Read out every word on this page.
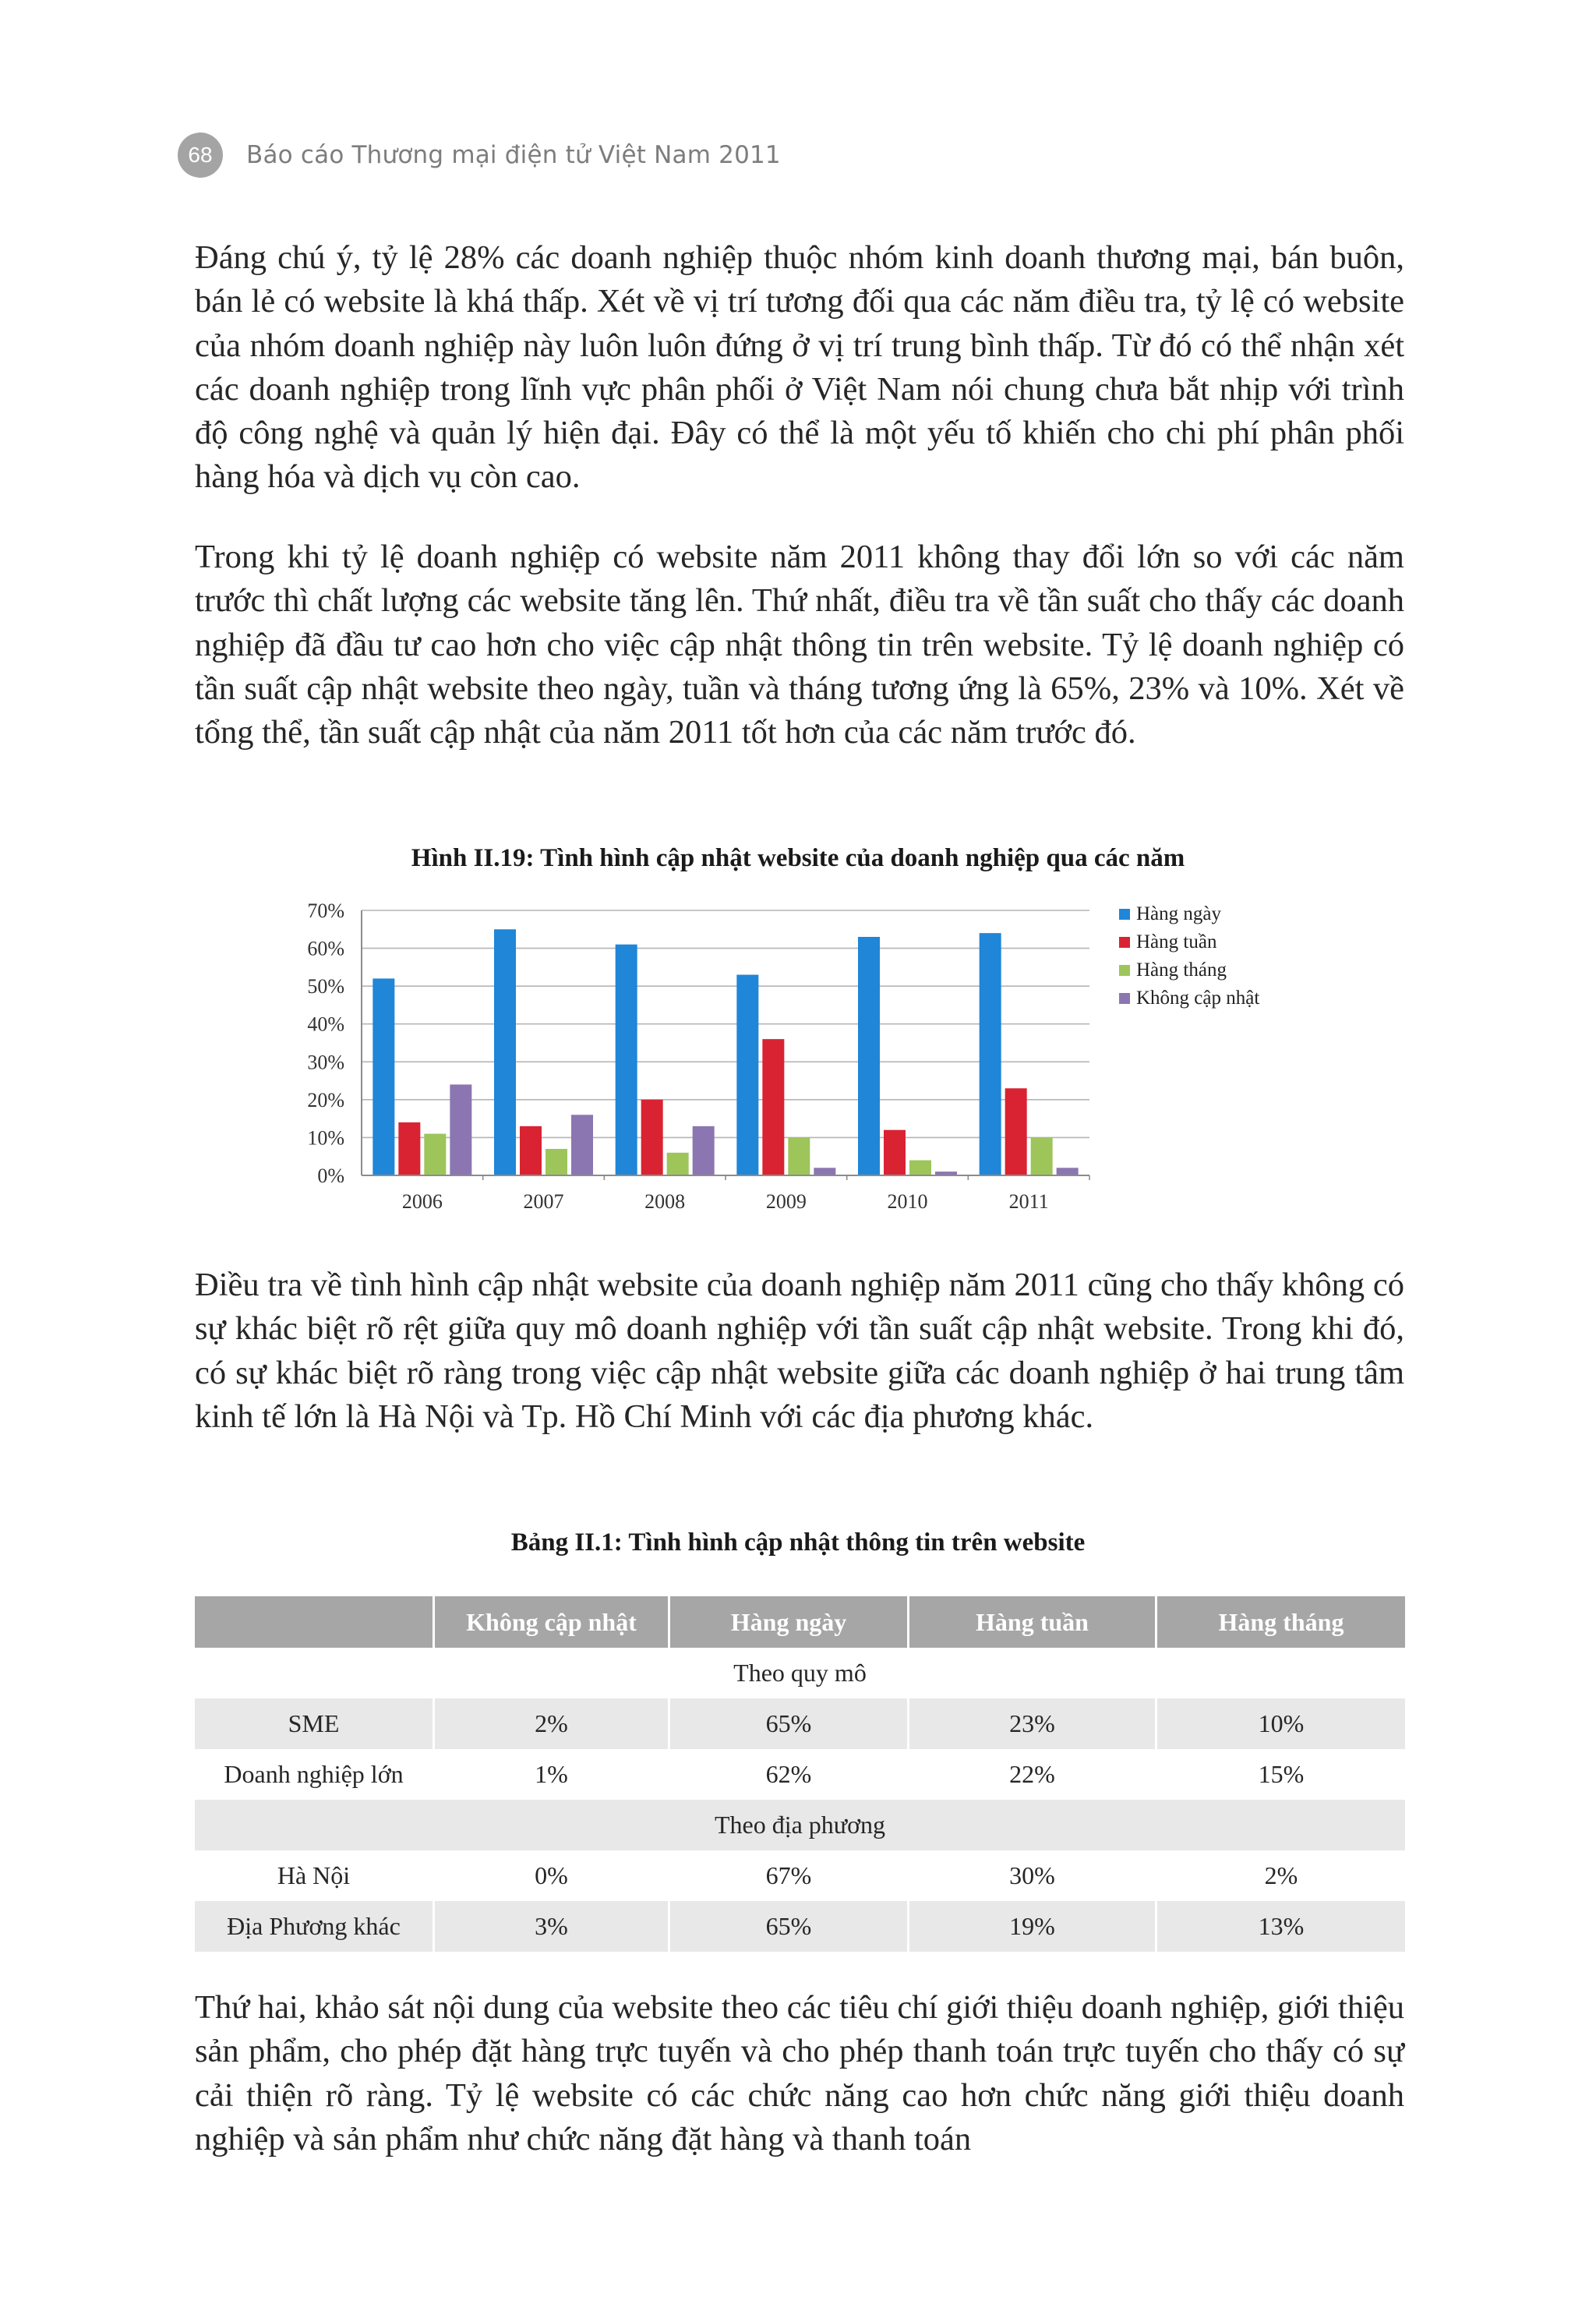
68	Báo cáo Thương mại điện tử Việt Nam 2011

Đáng chú ý, tỷ lệ 28% các doanh nghiệp thuộc nhóm kinh doanh thương mại, bán buôn, bán lẻ có website là khá thấp. Xét về vị trí tương đối qua các năm điều tra, tỷ lệ có website của nhóm doanh nghiệp này luôn luôn đứng ở vị trí trung bình thấp. Từ đó có thể nhận xét các doanh nghiệp trong lĩnh vực phân phối ở Việt Nam nói chung chưa bắt nhịp với trình độ công nghệ và quản lý hiện đại. Đây có thể là một yếu tố khiến cho chi phí phân phối hàng hóa và dịch vụ còn cao.

Trong khi tỷ lệ doanh nghiệp có website năm 2011 không thay đổi lớn so với các năm trước thì chất lượng các website tăng lên. Thứ nhất, điều tra về tần suất cho thấy các doanh nghiệp đã đầu tư cao hơn cho việc cập nhật thông tin trên website. Tỷ lệ doanh nghiệp có tần suất cập nhật website theo ngày, tuần và tháng tương ứng là 65%, 23% và 10%. Xét về tổng thể, tần suất cập nhật của năm 2011 tốt hơn của các năm trước đó.

Hình II.19: Tình hình cập nhật website của doanh nghiệp qua các năm
0%
10%
20%
30%
40%
50%
60%
70%
2006	2007	2008	2009	2010	2011
Hàng ngày
Hàng tuần
Hàng tháng
Không cập nhật

Điều tra về tình hình cập nhật website của doanh nghiệp năm 2011 cũng cho thấy không có sự khác biệt rõ rệt giữa quy mô doanh nghiệp với tần suất cập nhật website. Trong khi đó, có sự khác biệt rõ ràng trong việc cập nhật website giữa các doanh nghiệp ở hai trung tâm kinh tế lớn là Hà Nội và Tp. Hồ Chí Minh với các địa phương khác.

Bảng II.1: Tình hình cập nhật thông tin trên website
	Không cập nhật	Hàng ngày	Hàng tuần	Hàng tháng
Theo quy mô				
SME	2%	65%	23%	10%
Doanh nghiệp lớn	1%	62%	22%	15%
Theo địa phương				
Hà Nội	0%	67%	30%	2%
Địa Phương khác	3%	65%	19%	13%

Thứ hai, khảo sát nội dung của website theo các tiêu chí giới thiệu doanh nghiệp, giới thiệu sản phẩm, cho phép đặt hàng trực tuyến và cho phép thanh toán trực tuyến cho thấy có sự cải thiện rõ ràng. Tỷ lệ website có các chức năng cao hơn chức năng giới thiệu doanh nghiệp và sản phẩm như chức năng đặt hàng và thanh toán
